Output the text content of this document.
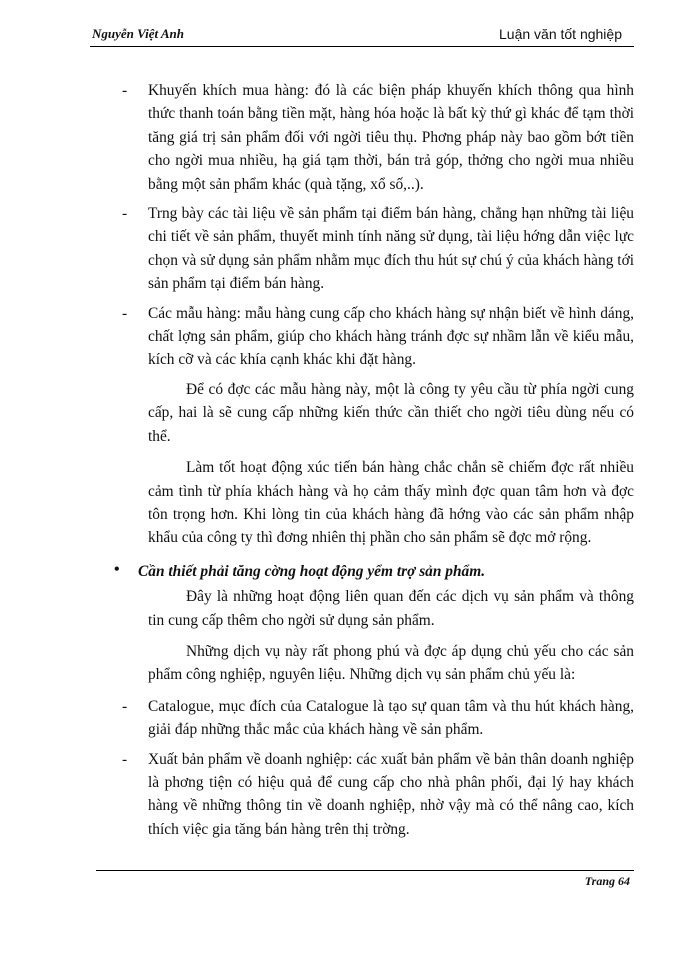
Nguyễn Việt Anh	Luận văn tốt nghiệp
- Khuyến khích mua hàng: đó là các biện pháp khuyến khích thông qua hình thức thanh toán bằng tiền mặt, hàng hóa hoặc là bất kỳ thứ gì khác để tạm thời tăng giá trị sản phẩm đối với ngời tiêu thụ. Phơng pháp này bao gồm bớt tiền cho ngời mua nhiều, hạ giá tạm thời, bán trả góp, thởng cho ngời mua nhiều bằng một sản phẩm khác (quà tặng, xổ số,..).
- Trng bày các tài liệu về sản phẩm tại điểm bán hàng, chẳng hạn những tài liệu chi tiết về sản phẩm, thuyết minh tính năng sử dụng, tài liệu hớng dẫn việc lực chọn và sử dụng sản phẩm nhằm mục đích thu hút sự chú ý của khách hàng tới sản phẩm tại điểm bán hàng.
- Các mẫu hàng: mẫu hàng cung cấp cho khách hàng sự nhận biết về hình dáng, chất lợng sản phẩm, giúp cho khách hàng tránh đợc sự nhầm lẫn về kiểu mẫu, kích cỡ và các khía cạnh khác khi đặt hàng.

Để có đợc các mẫu hàng này, một là công ty yêu cầu từ phía ngời cung cấp, hai là sẽ cung cấp những kiến thức cần thiết cho ngời tiêu dùng nếu có thể.

Làm tốt hoạt động xúc tiến bán hàng chắc chắn sẽ chiếm đợc rất nhiều cảm tình từ phía khách hàng và họ cảm thấy mình đợc quan tâm hơn và đợc tôn trọng hơn. Khi lòng tin của khách hàng đã hớng vào các sản phẩm nhập khẩu của công ty thì đơng nhiên thị phần cho sản phẩm sẽ đợc mở rộng.

• Cần thiết phải tăng cờng hoạt động yểm trợ sản phẩm.

Đây là những hoạt động liên quan đến các dịch vụ sản phẩm và thông tin cung cấp thêm cho ngời sử dụng sản phẩm.

Những dịch vụ này rất phong phú và đợc áp dụng chủ yếu cho các sản phẩm công nghiệp, nguyên liệu. Những dịch vụ sản phẩm chủ yếu là:

- Catalogue, mục đích của Catalogue là tạo sự quan tâm và thu hút khách hàng, giải đáp những thắc mắc của khách hàng về sản phẩm.
- Xuất bản phẩm về doanh nghiệp: các xuất bản phẩm về bản thân doanh nghiệp là phơng tiện có hiệu quả để cung cấp cho nhà phân phối, đại lý hay khách hàng về những thông tin về doanh nghiệp, nhờ vậy mà có thể nâng cao, kích thích việc gia tăng bán hàng trên thị trờng.
Trang 64
